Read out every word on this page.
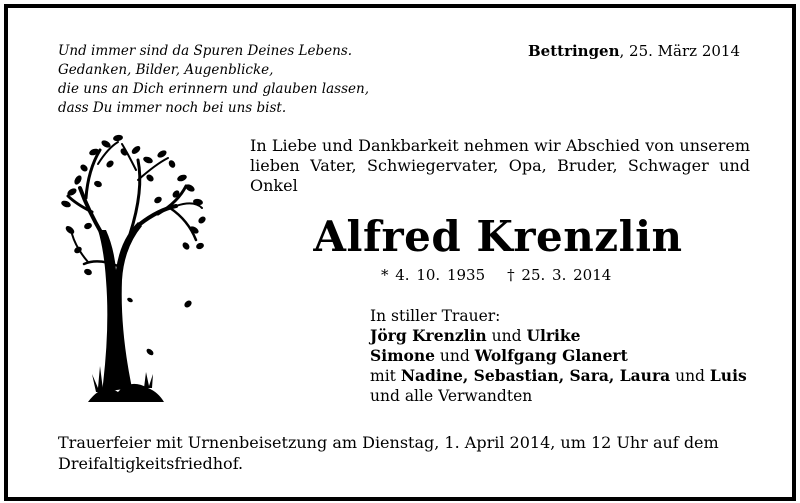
Und immer sind da Spuren Deines Lebens.
Gedanken, Bilder, Augenblicke,
die uns an Dich erinnern und glauben lassen,
dass Du immer noch bei uns bist.
Bettringen, 25. März 2014
In Liebe und Dankbarkeit nehmen wir Abschied von unserem lieben Vater, Schwiegervater, Opa, Bruder, Schwager und Onkel
Alfred Krenzlin
* 4. 10. 1935 † 25. 3. 2014
In stiller Trauer:
Jörg Krenzlin und Ulrike
Simone und Wolfgang Glanert
mit Nadine, Sebastian, Sara, Laura und Luis
und alle Verwandten
Trauerfeier mit Urnenbeisetzung am Dienstag, 1. April 2014, um 12 Uhr auf dem Dreifaltigkeitsfriedhof.
